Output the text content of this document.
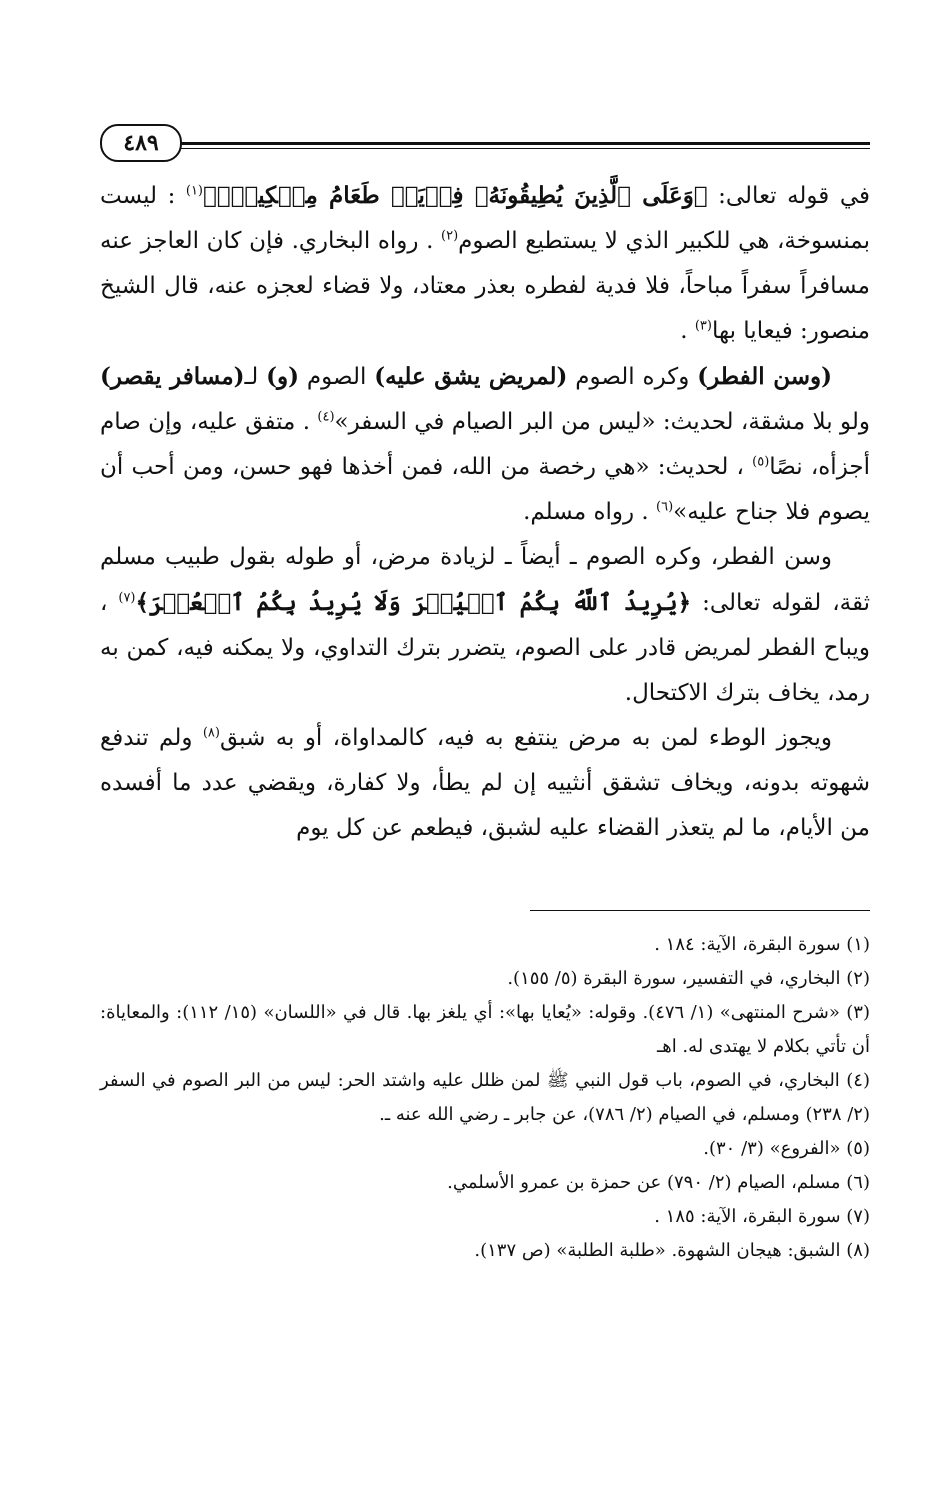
٤٨٩

في قوله تعالى: ﴿وَعَلَى ٱلَّذِينَ يُطِيقُونَهُۥ فِدۡيَةٞ طَعَامُ مِسۡكِينٖۖ﴾$^{(١)}$ : ليست بمنسوخة، هي للكبير الذي لا يستطيع الصوم$^{(٢)}$ . رواه البخاري. فإن كان العاجز عنه مسافراً سفراً مباحاً، فلا فدية لفطره بعذر معتاد، ولا قضاء لعجزه عنه، قال الشيخ منصور: فيعايا بها$^{(٣)}$ .

(وسن الفطر) وكره الصوم (لمريض يشق عليه) الصوم (و) لـ(مسافر يقصر) ولو بلا مشقة، لحديث: «ليس من البر الصيام في السفر»$^{(٤)}$ . متفق عليه، وإن صام أجزأه، نصًا$^{(٥)}$ ، لحديث: «هي رخصة من الله، فمن أخذها فهو حسن، ومن أحب أن يصوم فلا جناح عليه»$^{(٦)}$ . رواه مسلم.

وسن الفطر، وكره الصوم ـ أيضاً ـ لزيادة مرض، أو طوله بقول طبيب مسلم ثقة، لقوله تعالى: ﴿يُرِيدُ ٱللَّهُ بِكُمُ ٱلۡيُسۡرَ وَلَا يُرِيدُ بِكُمُ ٱلۡعُسۡرَ﴾$^{(٧)}$ ، ويباح الفطر لمريض قادر على الصوم، يتضرر بترك التداوي، ولا يمكنه فيه، كمن به رمد، يخاف بترك الاكتحال.

ويجوز الوطء لمن به مرض ينتفع به فيه، كالمداواة، أو به شبق$^{(٨)}$ ولم تندفع شهوته بدونه، ويخاف تشقق أنثييه إن لم يطأ، ولا كفارة، ويقضي عدد ما أفسده من الأيام، ما لم يتعذر القضاء عليه لشبق، فيطعم عن كل يوم

(١) سورة البقرة، الآية: ١٨٤ .

(٢) البخاري، في التفسير، سورة البقرة (٥/ ١٥٥).

(٣) «شرح المنتهى» (١/ ٤٧٦). وقوله: «يُعايا بها»: أي يلغز بها. قال في «اللسان» (١٥/ ١١٢): والمعاياة: أن تأتي بكلام لا يهتدى له. اهـ

(٤) البخاري، في الصوم، باب قول النبي ﷺ لمن ظلل عليه واشتد الحر: ليس من البر الصوم في السفر (٢/ ٢٣٨) ومسلم، في الصيام (٢/ ٧٨٦)، عن جابر ـ رضي الله عنه ـ.

(٥) «الفروع» (٣/ ٣٠).

(٦) مسلم، الصيام (٢/ ٧٩٠) عن حمزة بن عمرو الأسلمي.

(٧) سورة البقرة، الآية: ١٨٥ .

(٨) الشبق: هيجان الشهوة. «طلبة الطلبة» (ص ١٣٧).
